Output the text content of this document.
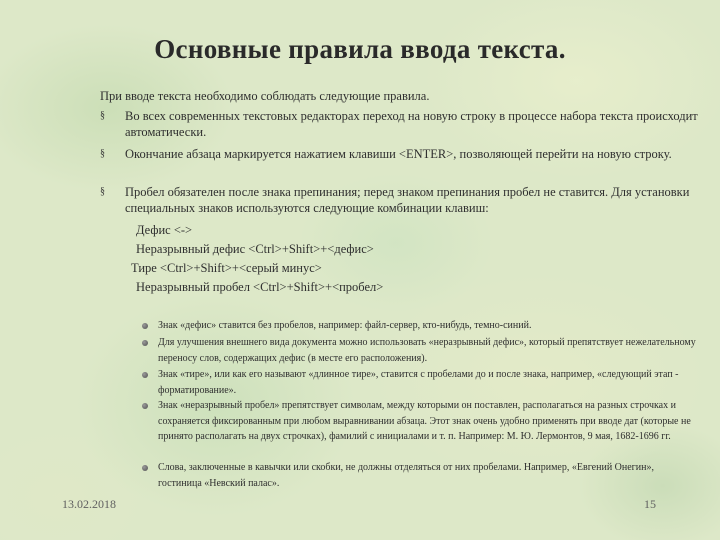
Основные правила ввода текста.
При вводе текста необходимо соблюдать следующие правила.
§ Во всех современных текстовых редакторах переход на новую строку в процессе набора текста происходит автоматически.
§ Окончание абзаца маркируется нажатием клавиши <ENTER>, позволяющей перейти на новую строку.
§ Пробел обязателен после знака препинания; перед знаком препинания пробел не ставится. Для установки специальных знаков используются следующие комбинации клавиш:
Дефис <->
Неразрывный дефис <Ctrl>+Shift>+<дефис>
Тире <Ctrl>+Shift>+<серый минус>
Неразрывный пробел <Ctrl>+Shift>+<пробел>
Знак «дефис» ставится без пробелов, например: файл-сервер, кто-нибудь, темно-синий.
Для улучшения внешнего вида документа можно использовать «неразрывный дефис», который препятствует нежелательному переносу слов, содержащих дефис (в месте его расположения).
Знак «тире», или как его называют «длинное тире», ставится с пробелами до и после знака, например, «следующий этап - форматирование».
Знак «неразрывный пробел» препятствует символам, между которыми он поставлен, располагаться на разных строчках и сохраняется фиксированным при любом выравнивании абзаца. Этот знак очень удобно применять при вводе дат (которые не принято располагать на двух строчках), фамилий с инициалами и т. п. Например: М. Ю. Лермонтов, 9 мая, 1682-1696 гг.
Слова, заключенные в кавычки или скобки, не должны отделяться от них пробелами. Например, «Евгений Онегин», гостиница «Невский палас».
13.02.2018	15
